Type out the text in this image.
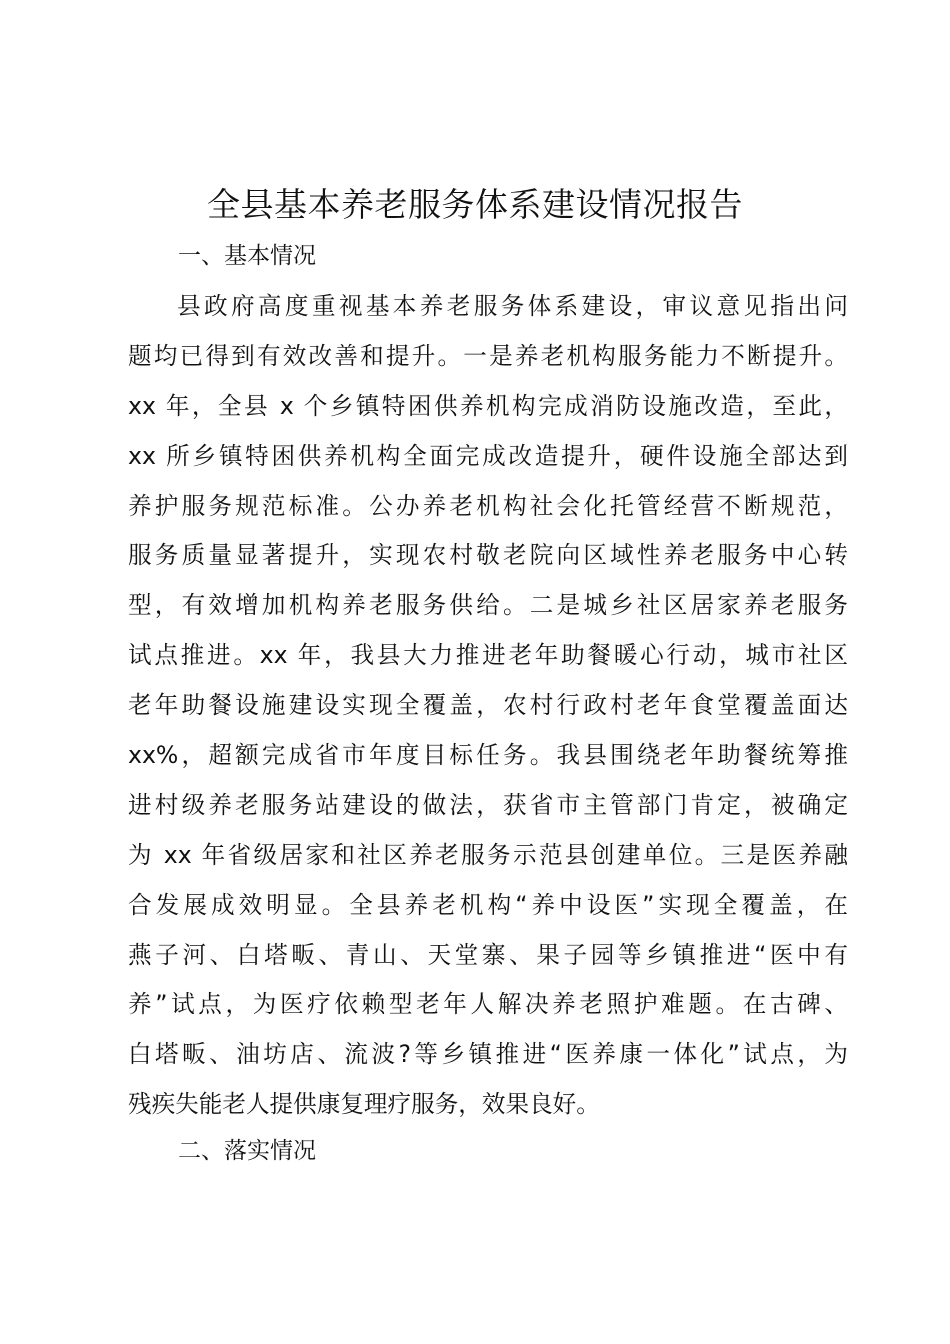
全县基本养老服务体系建设情况报告
一、基本情况
县政府高度重视基本养老服务体系建设，审议意见指出问
题均已得到有效改善和提升。一是养老机构服务能力不断提升。
xx 年，全县 x 个乡镇特困供养机构完成消防设施改造，至此，
xx 所乡镇特困供养机构全面完成改造提升，硬件设施全部达到
养护服务规范标准。公办养老机构社会化托管经营不断规范，
服务质量显著提升，实现农村敬老院向区域性养老服务中心转
型，有效增加机构养老服务供给。二是城乡社区居家养老服务
试点推进。xx 年，我县大力推进老年助餐暖心行动，城市社区
老年助餐设施建设实现全覆盖，农村行政村老年食堂覆盖面达
xx%，超额完成省市年度目标任务。我县围绕老年助餐统筹推
进村级养老服务站建设的做法，获省市主管部门肯定，被确定
为 xx 年省级居家和社区养老服务示范县创建单位。三是医养融
合发展成效明显。全县养老机构“养中设医”实现全覆盖，在
燕子河、白塔畈、青山、天堂寨、果子园等乡镇推进“医中有
养”试点，为医疗依赖型老年人解决养老照护难题。在古碑、
白塔畈、油坊店、流波?等乡镇推进“医养康一体化”试点，为
残疾失能老人提供康复理疗服务，效果良好。
二、落实情况
